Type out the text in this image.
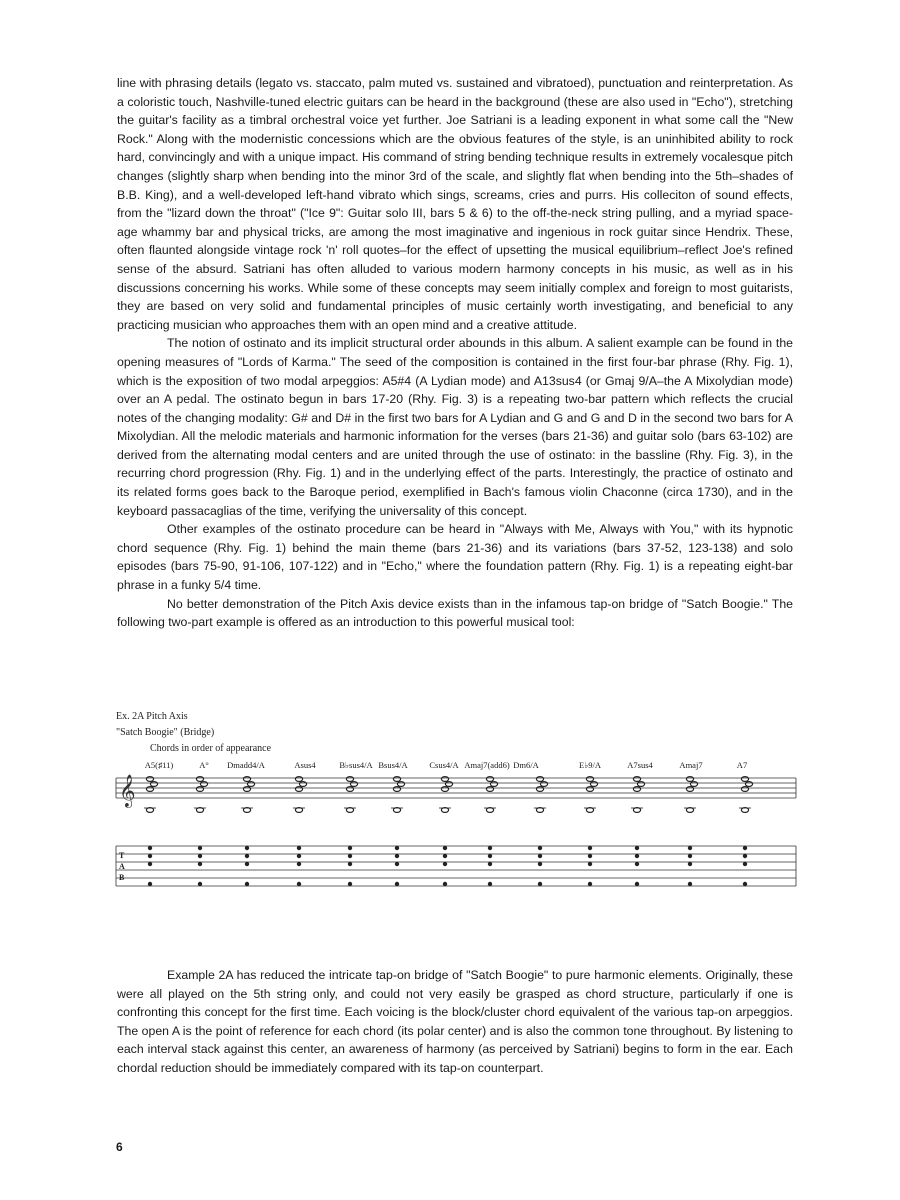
line with phrasing details (legato vs. staccato, palm muted vs. sustained and vibratoed), punctuation and reinterpretation. As a coloristic touch, Nashville-tuned electric guitars can be heard in the background (these are also used in "Echo"), stretching the guitar's facility as a timbral orchestral voice yet further. Joe Satriani is a leading exponent in what some call the "New Rock." Along with the modernistic concessions which are the obvious features of the style, is an uninhibited ability to rock hard, convincingly and with a unique impact. His command of string bending technique results in extremely vocalesque pitch changes (slightly sharp when bending into the minor 3rd of the scale, and slightly flat when bending into the 5th–shades of B.B. King), and a well-developed left-hand vibrato which sings, screams, cries and purrs. His colleciton of sound effects, from the "lizard down the throat" ("Ice 9": Guitar solo III, bars 5 & 6) to the off-the-neck string pulling, and a myriad space-age whammy bar and physical tricks, are among the most imaginative and ingenious in rock guitar since Hendrix. These, often flaunted alongside vintage rock 'n' roll quotes–for the effect of upsetting the musical equilibrium–reflect Joe's refined sense of the absurd. Satriani has often alluded to various modern harmony concepts in his music, as well as in his discussions concerning his works. While some of these concepts may seem initially complex and foreign to most guitarists, they are based on very solid and fundamental principles of music certainly worth investigating, and beneficial to any practicing musician who approaches them with an open mind and a creative attitude.

The notion of ostinato and its implicit structural order abounds in this album. A salient example can be found in the opening measures of "Lords of Karma." The seed of the composition is contained in the first four-bar phrase (Rhy. Fig. 1), which is the exposition of two modal arpeggios: A5#4 (A Lydian mode) and A13sus4 (or Gmaj 9/A–the A Mixolydian mode) over an A pedal. The ostinato begun in bars 17-20 (Rhy. Fig. 3) is a repeating two-bar pattern which reflects the crucial notes of the changing modality: G# and D# in the first two bars for A Lydian and G and G and D in the second two bars for A Mixolydian. All the melodic materials and harmonic information for the verses (bars 21-36) and guitar solo (bars 63-102) are derived from the alternating modal centers and are united through the use of ostinato: in the bassline (Rhy. Fig. 3), in the recurring chord progression (Rhy. Fig. 1) and in the underlying effect of the parts. Interestingly, the practice of ostinato and its related forms goes back to the Baroque period, exemplified in Bach's famous violin Chaconne (circa 1730), and in the keyboard passacaglias of the time, verifying the universality of this concept.

Other examples of the ostinato procedure can be heard in "Always with Me, Always with You," with its hypnotic chord sequence (Rhy. Fig. 1) behind the main theme (bars 21-36) and its variations (bars 37-52, 123-138) and solo episodes (bars 75-90, 91-106, 107-122) and in "Echo," where the foundation pattern (Rhy. Fig. 1) is a repeating eight-bar phrase in a funky 5/4 time.

No better demonstration of the Pitch Axis device exists than in the infamous tap-on bridge of "Satch Boogie." The following two-part example is offered as an introduction to this powerful musical tool:

Ex. 2A Pitch Axis
"Satch Boogie" (Bridge)
Chords in order of appearance
A5(♯11)	A° Dmadd4/A	Asus4	B♭sus4/A Bsus4/A	Csus4/A Amaj7(add6) Dm6/A	E♭9/A	A7sus4	Amaj7	A7
𝄞
T
A
B

Example 2A has reduced the intricate tap-on bridge of "Satch Boogie" to pure harmonic elements. Originally, these were all played on the 5th string only, and could not very easily be grasped as chord structure, particularly if one is confronting this concept for the first time. Each voicing is the block/cluster chord equivalent of the various tap-on arpeggios. The open A is the point of reference for each chord (its polar center) and is also the common tone throughout. By listening to each interval stack against this center, an awareness of harmony (as perceived by Satriani) begins to form in the ear. Each chordal reduction should be immediately compared with its tap-on counterpart.

6
